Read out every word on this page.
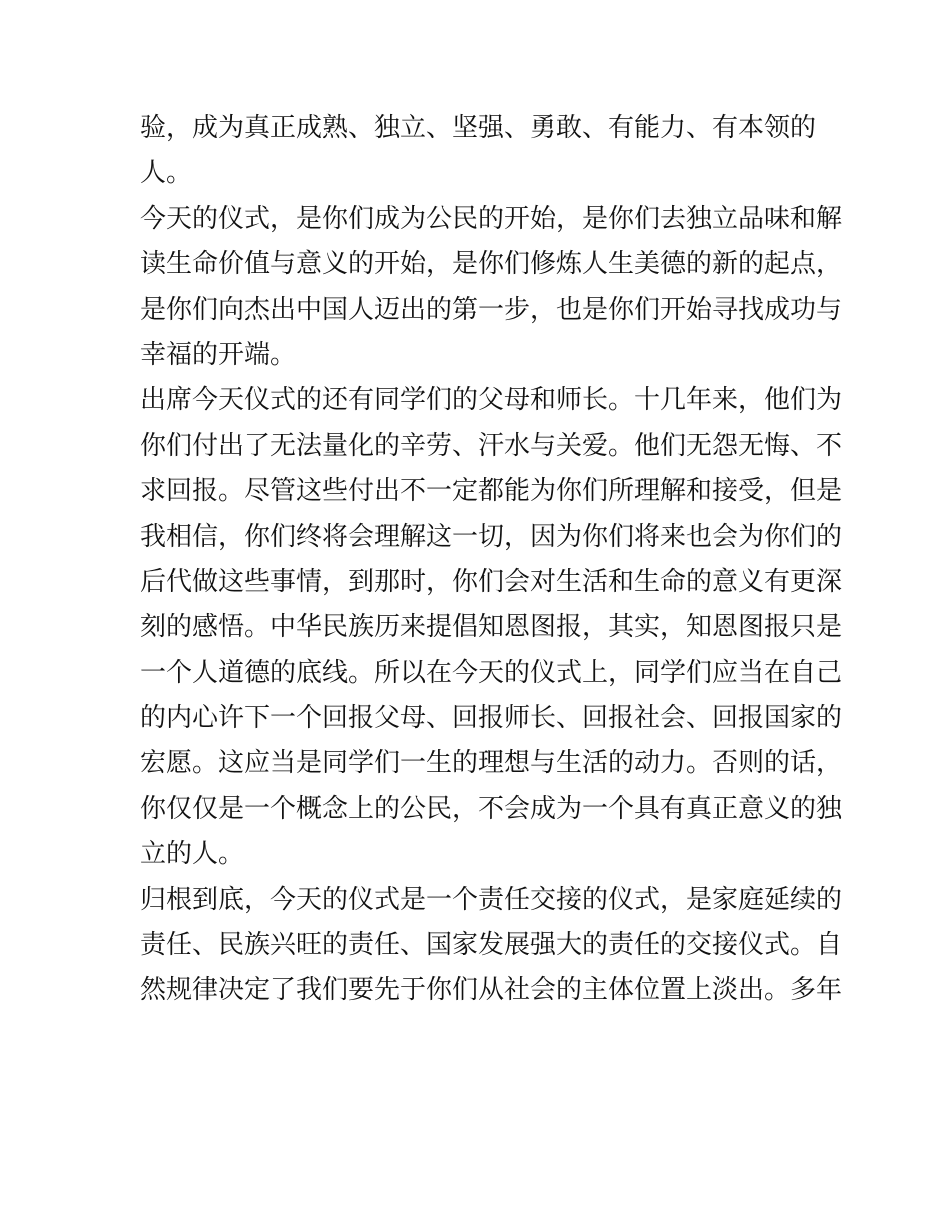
验，成为真正成熟、独立、坚强、勇敢、有能力、有本领的
人。
今天的仪式，是你们成为公民的开始，是你们去独立品味和解
读生命价值与意义的开始，是你们修炼人生美德的新的起点，
是你们向杰出中国人迈出的第一步，也是你们开始寻找成功与
幸福的开端。
出席今天仪式的还有同学们的父母和师长。十几年来，他们为
你们付出了无法量化的辛劳、汗水与关爱。他们无怨无悔、不
求回报。尽管这些付出不一定都能为你们所理解和接受，但是
我相信，你们终将会理解这一切，因为你们将来也会为你们的
后代做这些事情，到那时，你们会对生活和生命的意义有更深
刻的感悟。中华民族历来提倡知恩图报，其实，知恩图报只是
一个人道德的底线。所以在今天的仪式上，同学们应当在自己
的内心许下一个回报父母、回报师长、回报社会、回报国家的
宏愿。这应当是同学们一生的理想与生活的动力。否则的话，
你仅仅是一个概念上的公民，不会成为一个具有真正意义的独
立的人。
归根到底，今天的仪式是一个责任交接的仪式，是家庭延续的
责任、民族兴旺的责任、国家发展强大的责任的交接仪式。自
然规律决定了我们要先于你们从社会的主体位置上淡出。多年
